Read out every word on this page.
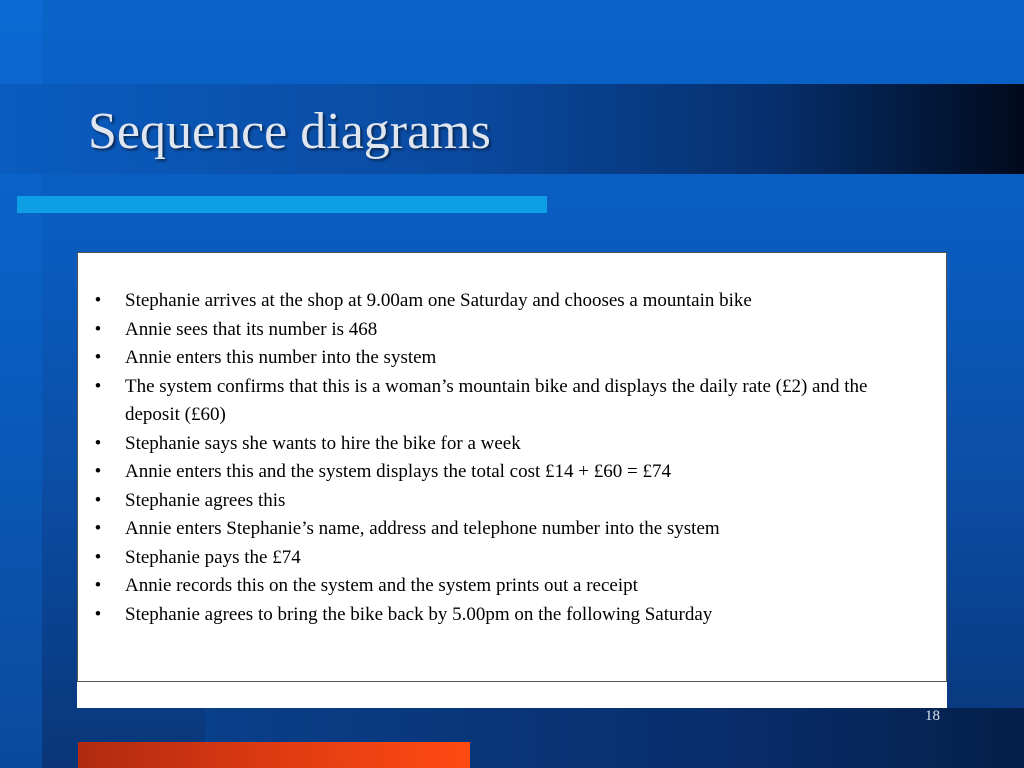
Sequence diagrams
•	Stephanie arrives at the shop at 9.00am one Saturday and chooses a mountain bike
•	Annie sees that its number is 468
•	Annie enters this number into the system
•	The system confirms that this is a woman’s mountain bike and displays the daily rate (£2) and the deposit (£60)
•	Stephanie says she wants to hire the bike for a week
•	Annie enters this and the system displays the total cost £14 + £60 = £74
•	Stephanie agrees this
•	Annie enters Stephanie’s name, address and telephone number into the system
•	Stephanie pays the £74
•	Annie records this on the system and the system prints out a receipt
•	Stephanie agrees to bring the bike back by 5.00pm on the following Saturday
18
